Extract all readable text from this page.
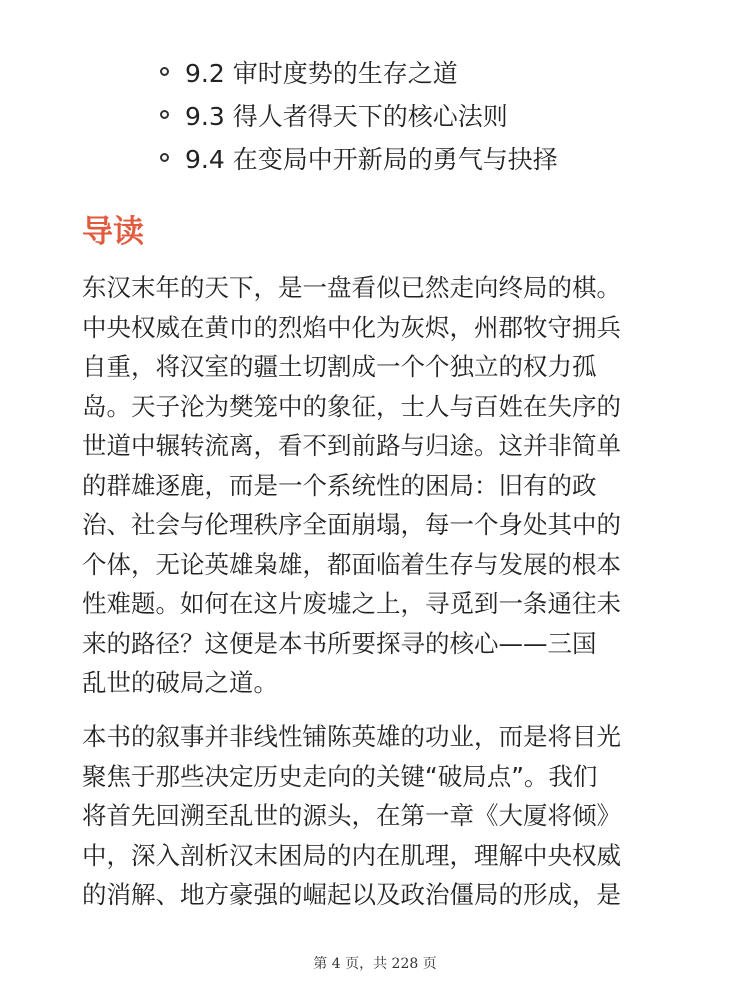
9.2 审时度势的生存之道
9.3 得人者得天下的核心法则
9.4 在变局中开新局的勇气与抉择
导读

东汉末年的天下，是一盘看似已然走向终局的棋。
中央权威在黄巾的烈焰中化为灰烬，州郡牧守拥兵
自重，将汉室的疆土切割成一个个独立的权力孤
岛。天子沦为樊笼中的象征，士人与百姓在失序的
世道中辗转流离，看不到前路与归途。这并非简单
的群雄逐鹿，而是一个系统性的困局：旧有的政
治、社会与伦理秩序全面崩塌，每一个身处其中的
个体，无论英雄枭雄，都面临着生存与发展的根本
性难题。如何在这片废墟之上，寻觅到一条通往未
来的路径？这便是本书所要探寻的核心——三国
乱世的破局之道。

本书的叙事并非线性铺陈英雄的功业，而是将目光
聚焦于那些决定历史走向的关键“破局点”。我们
将首先回溯至乱世的源头，在第一章《大厦将倾》
中，深入剖析汉末困局的内在肌理，理解中央权威
的消解、地方豪强的崛起以及政治僵局的形成，是

第 4 页，共 228 页
